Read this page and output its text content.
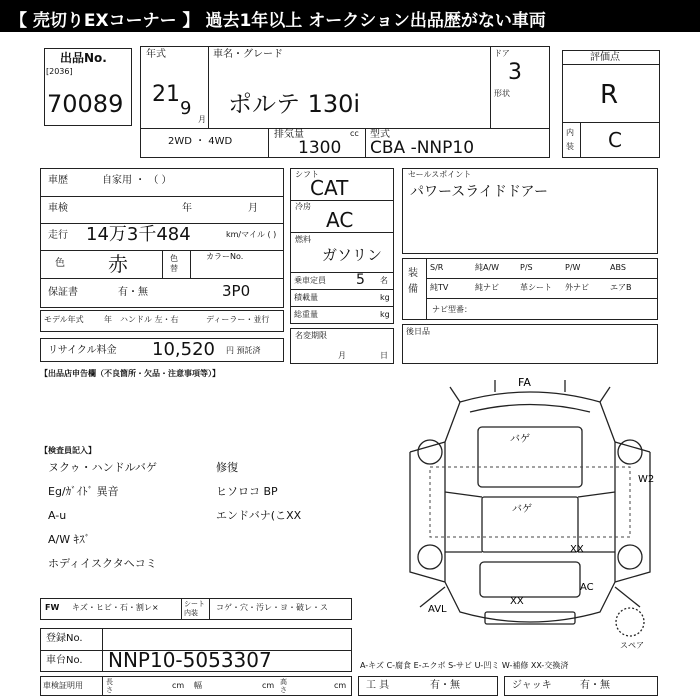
【 売切りEXコーナー 】 過去1年以上 オークション出品歴がない車両
出品No.
[2036]
70089
年式
21
9
月
車名・グレード
ポルテ 130i
ドア
3
形状
2WD ・ 4WD
排気量	cc
1300
型式
CBA -NNP10
評価点
R
内装 C
車歴	自家用 ・ （ ）
車検	年	月
走行 14万3千484	km/マイル ( )
色 赤	色替
カラーNo.
保証書	有・無	3P0
モデル年式	年 ハンドル 左・右	ディーラー・並行
リサイクル料金 10,520 円 預託済
シフト
CAT
冷房
AC
燃料
ガソリン
乗車定員 5 名
積載量	kg
総重量	kg
名変期限
月	日
セールスポイント
パワースライドドアー
装備
S/R	純A/W	P/S	P/W	ABS
純TV	純ナビ	革シート 外ナビ	エアB
ナビ型番：
後日品
【出品店申告欄（不良箇所・欠品・注意事項等）】
【検査員記入】
ヌクゥ・ハンドルバゲ
Eg/ｶﾞｲﾄﾞ 異音
A-u
A/W ｷｽﾞ
ホディイスクタヘコミ
修復
ヒソロコ BP
エンドバナ(こXX
FW キズ・ヒビ・石・割レ×	シート内装
コゲ・穴・汚レ・ヨ・破レ・ス
登録No.
車台No. NNP10-5053307
車検証明用	長さ	cm 幅	cm 高さ	cm
A-キズ C-腐食 E-エクボ S-サビ U-凹ミ W-補修 XX-交換済
工 具	有・無	ジャッキ	有・無
FA
バゲ
バゲ
XX
XX
AC
AVL
W2
スペア
